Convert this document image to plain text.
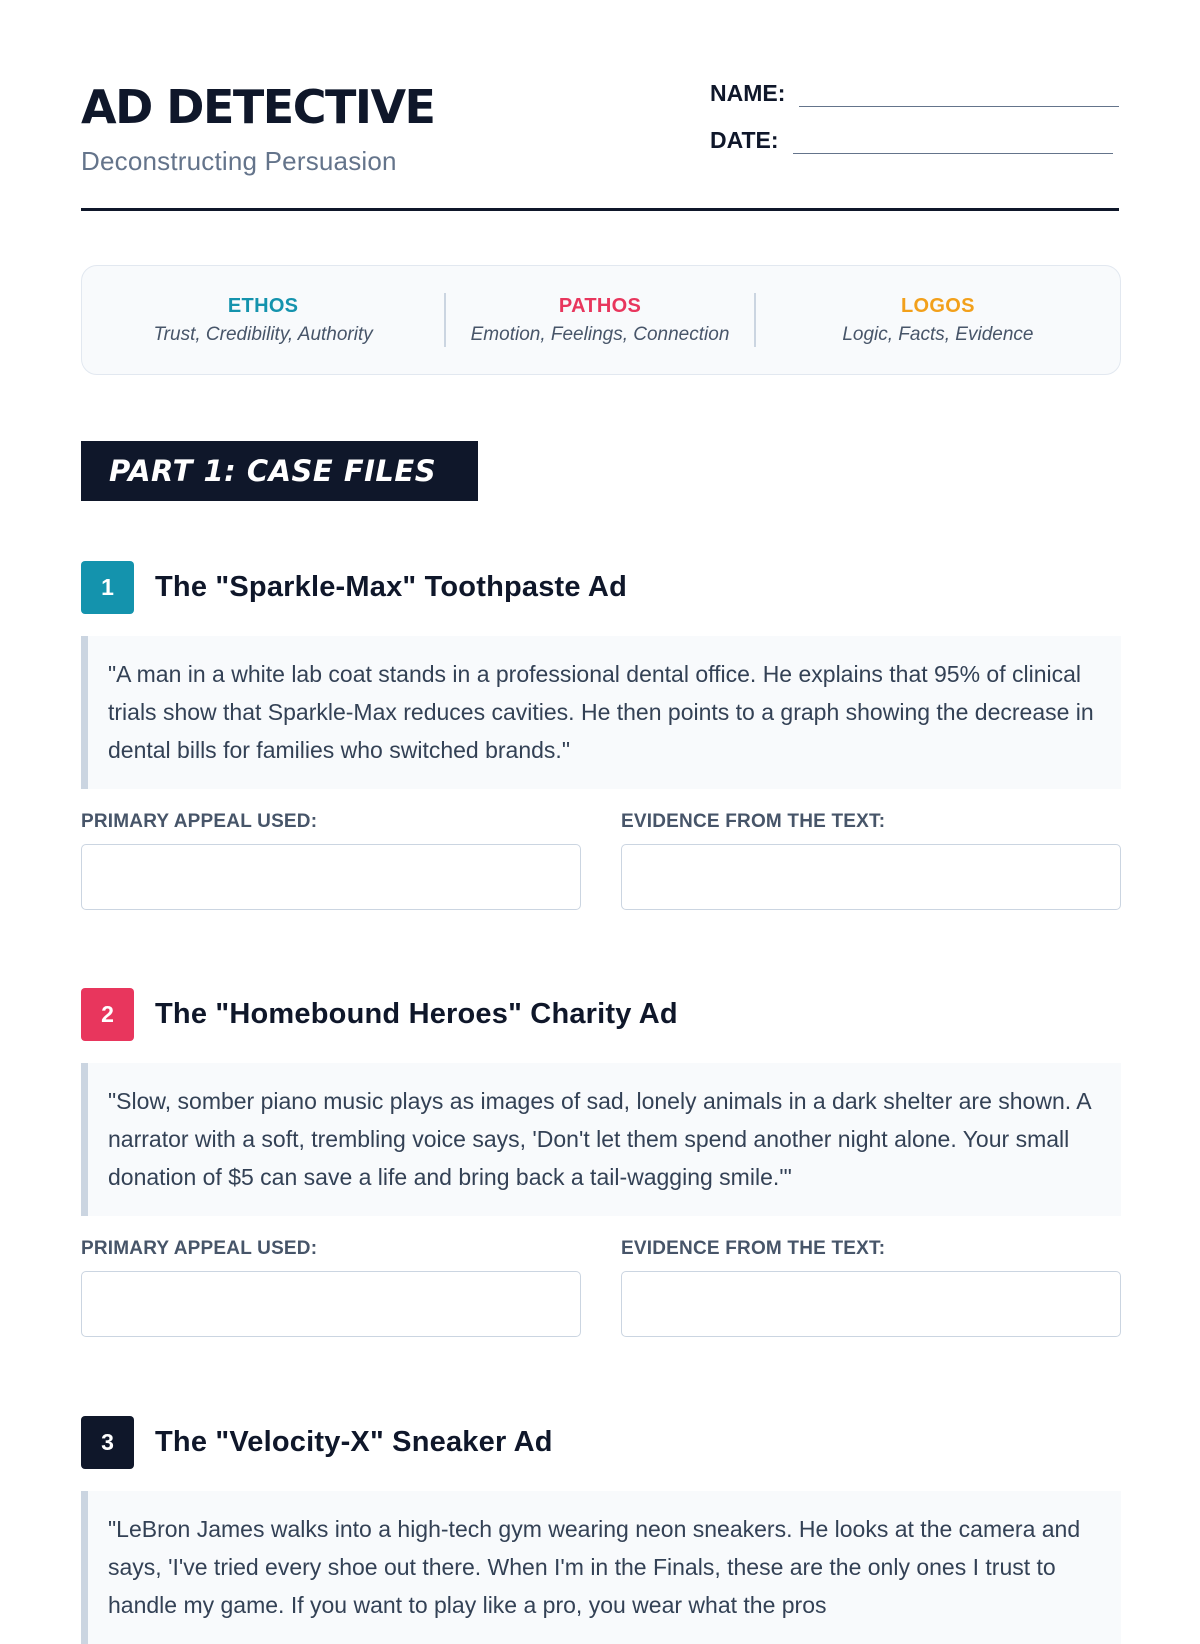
AD DETECTIVE
Deconstructing Persuasion
NAME:
DATE:
ETHOS
Trust, Credibility, Authority
PATHOS
Emotion, Feelings, Connection
LOGOS
Logic, Facts, Evidence
PART 1: CASE FILES
1	The "Sparkle-Max" Toothpaste Ad
"A man in a white lab coat stands in a professional dental office. He explains that 95% of clinical trials show that Sparkle-Max reduces cavities. He then points to a graph showing the decrease in dental bills for families who switched brands."
PRIMARY APPEAL USED:	EVIDENCE FROM THE TEXT:
2	The "Homebound Heroes" Charity Ad
"Slow, somber piano music plays as images of sad, lonely animals in a dark shelter are shown. A narrator with a soft, trembling voice says, 'Don't let them spend another night alone. Your small donation of $5 can save a life and bring back a tail-wagging smile.'"
PRIMARY APPEAL USED:	EVIDENCE FROM THE TEXT:
3	The "Velocity-X" Sneaker Ad
"LeBron James walks into a high-tech gym wearing neon sneakers. He looks at the camera and says, 'I've tried every shoe out there. When I'm in the Finals, these are the only ones I trust to handle my game. If you want to play like a pro, you wear what the pros
